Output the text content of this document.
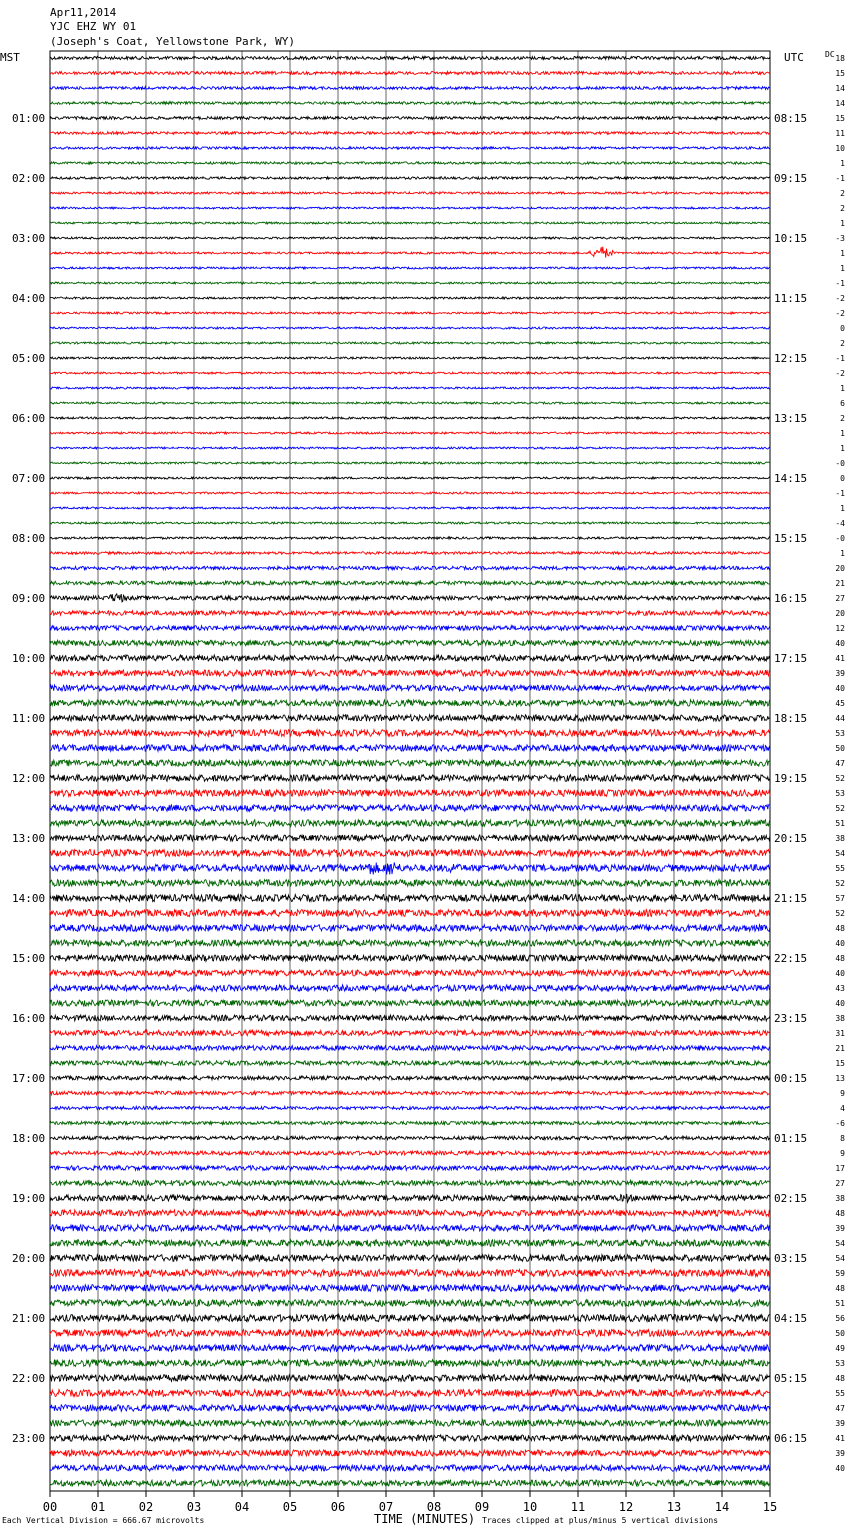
Apr11,2014
YJC EHZ WY 01
(Joseph's Coat, Yellowstone Park, WY)
MST	UTC	DC
01:00
02:00
03:00
04:00
05:00
06:00
07:00
08:00
09:00
10:00
11:00
12:00
13:00
14:00
15:00
16:00
17:00
18:00
19:00
20:00
21:00
22:00
23:00
08:15
09:15
10:15
11:15
12:15
13:15
14:15
15:15
16:15
17:15
18:15
19:15
20:15
21:15
22:15
23:15
00:15
01:15
02:15
03:15
04:15
05:15
06:15
18
15
14
14
15
11
10
1
-1
2
2
1
-3
1
1
-1
-2
-2
0
2
-1
-2
1
6
2
1
1
-0
0
-1
1
-4
-0
1
20
21
27
20
12
40
41
39
40
45
44
53
50
47
52
53
52
51
38
54
55
52
57
52
48
40
48
40
43
40
38
31
21
15
13
9
4
-6
8
9
17
27
38
48
39
54
54
59
48
51
56
50
49
53
48
55
47
39
41
39
40
00	01	02	03	04	05	06	07	08	09	10	11	12	13	14	15
Each Vertical Division = 666.67 microvolts	TIME (MINUTES) Traces clipped at plus/minus 5 vertical divisions
